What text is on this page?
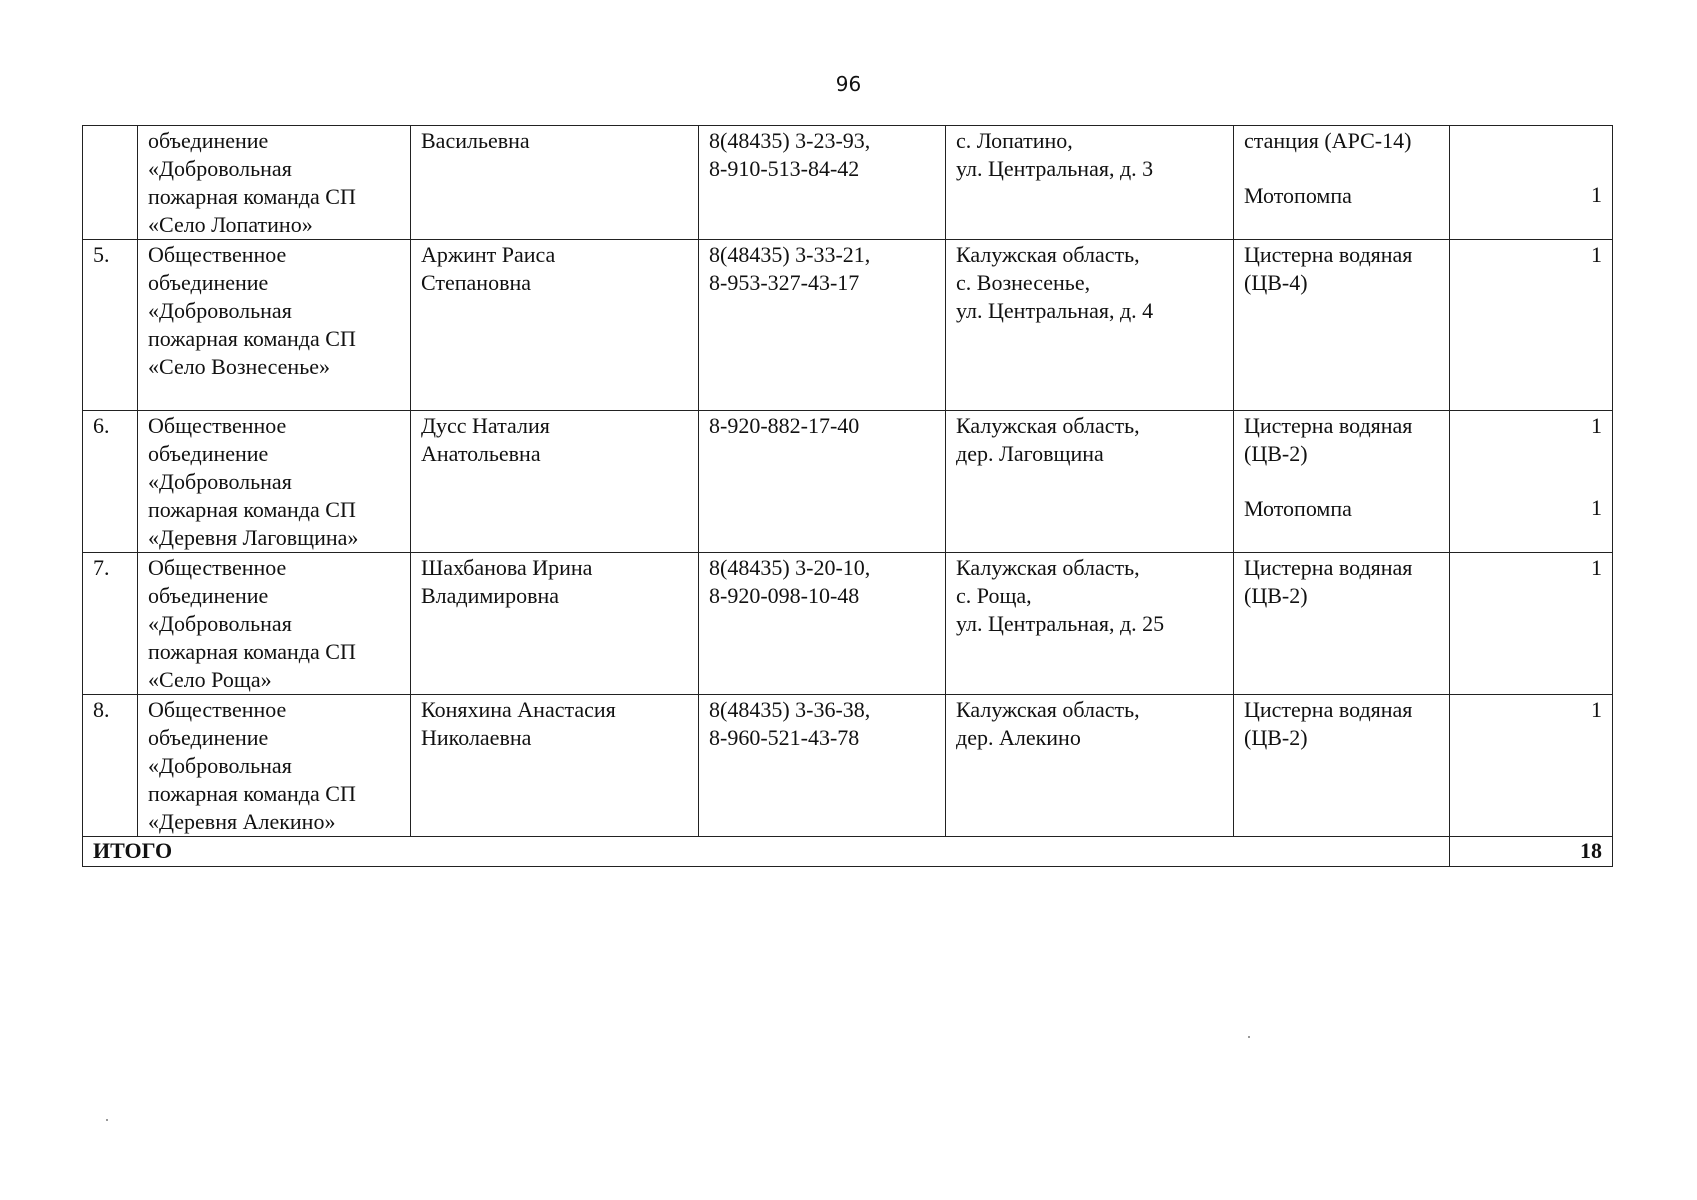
96

	объединение
«Добровольная
пожарная команда СП
«Село Лопатино»	Васильевна	8(48435) 3-23-93,
8-910-513-84-42	с. Лопатино,
ул. Центральная, д. 3	станция (АРС-14)
Мотопомпа	1

5.	Общественное
объединение
«Добровольная
пожарная команда СП
«Село Вознесенье»	Аржинт Раиса
Степановна	8(48435) 3-33-21,
8-953-327-43-17	Калужская область,
с. Вознесенье,
ул. Центральная, д. 4	Цистерна водяная
(ЦВ-4)	1

6.	Общественное
объединение
«Добровольная
пожарная команда СП
«Деревня Лаговщина»	Дусс Наталия
Анатольевна	8-920-882-17-40	Калужская область,
дер. Лаговщина	Цистерна водяная
(ЦВ-2)
Мотопомпа	1
1

7.	Общественное
объединение
«Добровольная
пожарная команда СП
«Село Роща»	Шахбанова Ирина
Владимировна	8(48435) 3-20-10,
8-920-098-10-48	Калужская область,
с. Роща,
ул. Центральная, д. 25	Цистерна водяная
(ЦВ-2)	1

8.	Общественное
объединение
«Добровольная
пожарная команда СП
«Деревня Алекино»	Коняхина Анастасия
Николаевна	8(48435) 3-36-38,
8-960-521-43-78	Калужская область,
дер. Алекино	Цистерна водяная
(ЦВ-2)	1

ИТОГО						18
